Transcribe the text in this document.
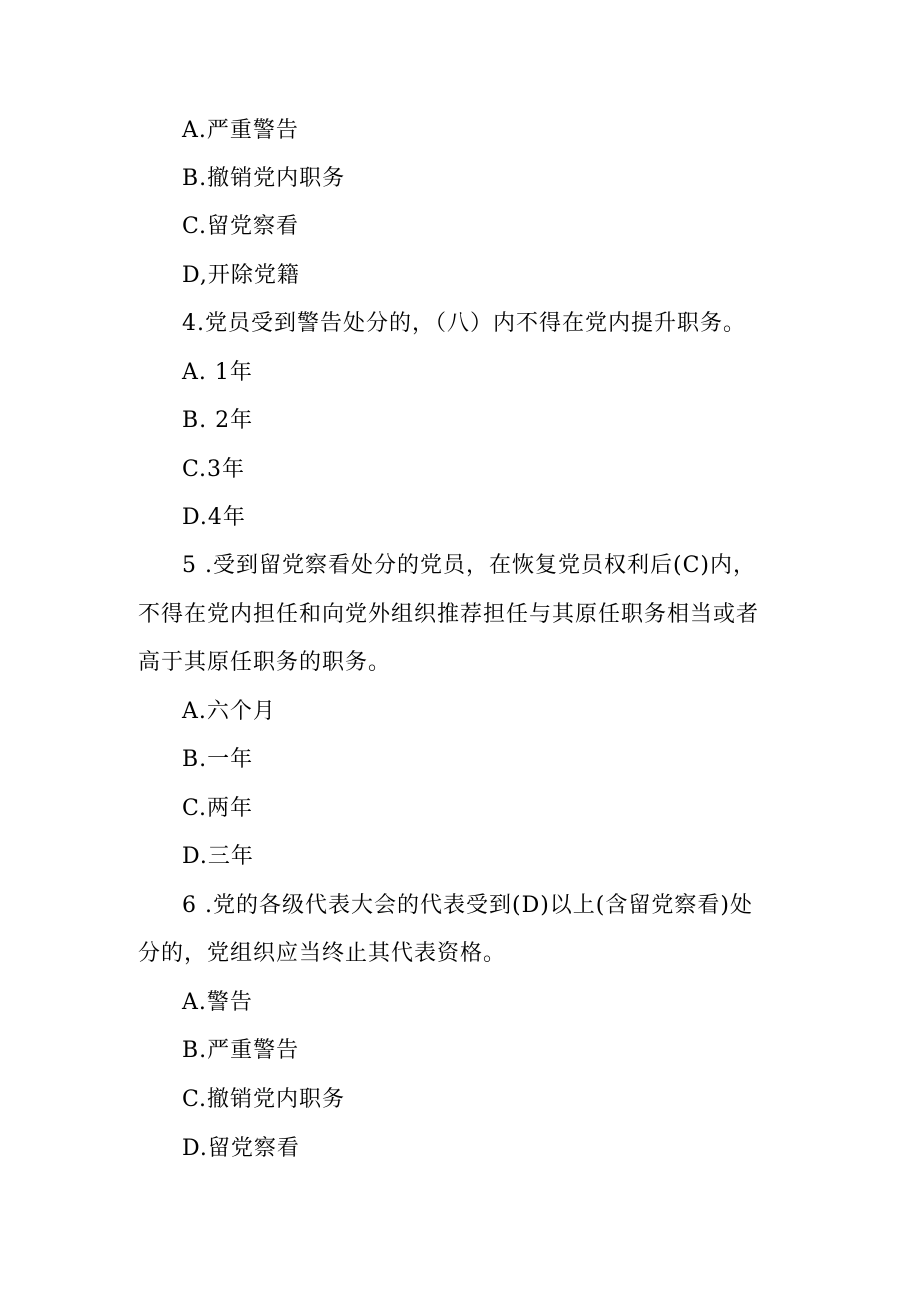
A.严重警告
B.撤销党内职务
C.留党察看
D,开除党籍
4.党员受到警告处分的，（八）内不得在党内提升职务。
A. 1年
B. 2年
C.3年
D.4年
5 .受到留党察看处分的党员，在恢复党员权利后(C)内，
不得在党内担任和向党外组织推荐担任与其原任职务相当或者
高于其原任职务的职务。
A.六个月
B.一年
C.两年
D.三年
6 .党的各级代表大会的代表受到(D)以上(含留党察看)处
分的，党组织应当终止其代表资格。
A.警告
B.严重警告
C.撤销党内职务
D.留党察看
